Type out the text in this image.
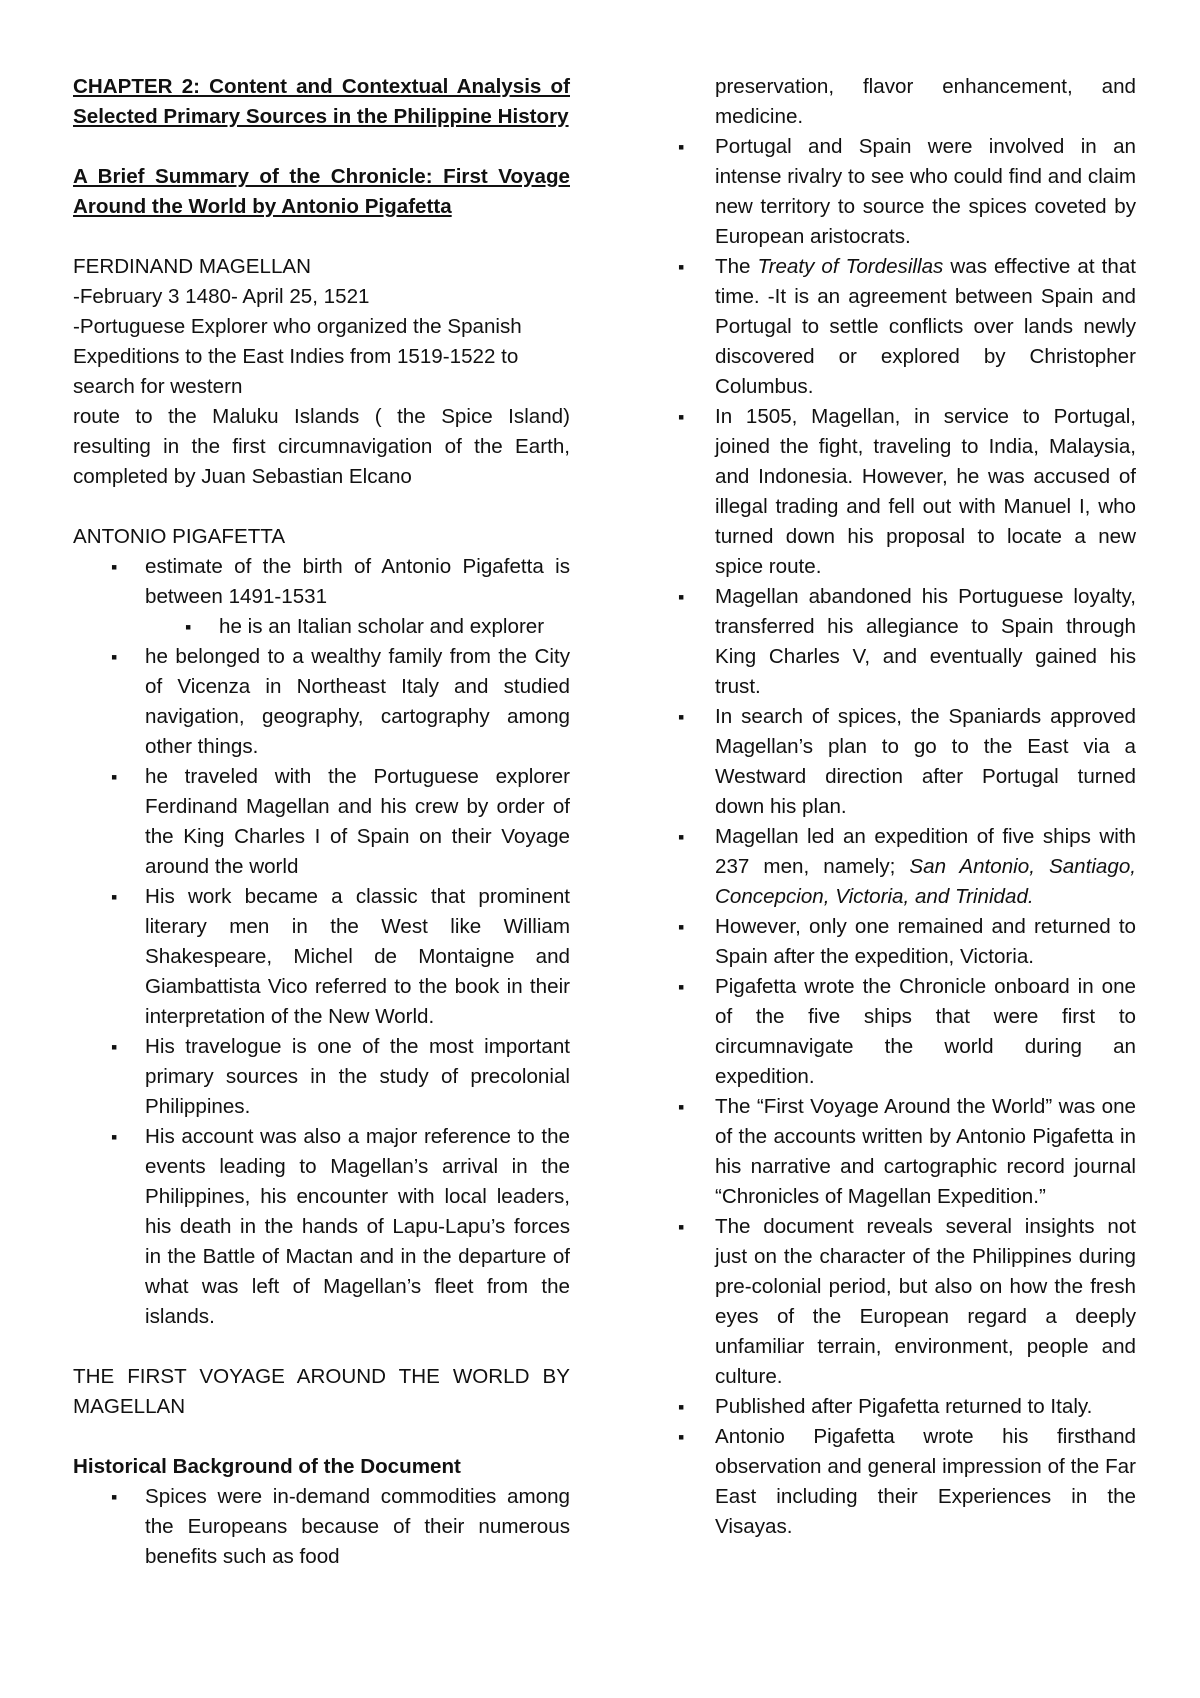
CHAPTER 2: Content and Contextual Analysis of Selected Primary Sources in the Philippine History

A Brief Summary of the Chronicle: First Voyage Around the World by Antonio Pigafetta

FERDINAND MAGELLAN

-February 3 1480- April 25, 1521

-Portuguese Explorer who organized the Spanish Expeditions to the East Indies from 1519-1522 to search for western

route to the Maluku Islands ( the Spice Island) resulting in the first circumnavigation of the Earth, completed by Juan Sebastian Elcano

ANTONIO PIGAFETTA

▪ estimate of the birth of Antonio Pigafetta is between 1491-1531
▪ he is an Italian scholar and explorer
▪ he belonged to a wealthy family from the City of Vicenza in Northeast Italy and studied navigation, geography, cartography among other things.
▪ he traveled with the Portuguese explorer Ferdinand Magellan and his crew by order of the King Charles I of Spain on their Voyage around the world
▪ His work became a classic that prominent literary men in the West like William Shakespeare, Michel de Montaigne and Giambattista Vico referred to the book in their interpretation of the New World.
▪ His travelogue is one of the most important primary sources in the study of precolonial Philippines.
▪ His account was also a major reference to the events leading to Magellan’s arrival in the Philippines, his encounter with local leaders, his death in the hands of Lapu-Lapu’s forces in the Battle of Mactan and in the departure of what was left of Magellan’s fleet from the islands.

THE FIRST VOYAGE AROUND THE WORLD BY MAGELLAN

Historical Background of the Document

▪ Spices were in-demand commodities among the Europeans because of their numerous benefits such as food

preservation, flavor enhancement, and medicine.

▪ Portugal and Spain were involved in an intense rivalry to see who could find and claim new territory to source the spices coveted by European aristocrats.
▪ The Treaty of Tordesillas was effective at that time. -It is an agreement between Spain and Portugal to settle conflicts over lands newly discovered or explored by Christopher Columbus.
▪ In 1505, Magellan, in service to Portugal, joined the fight, traveling to India, Malaysia, and Indonesia. However, he was accused of illegal trading and fell out with Manuel I, who turned down his proposal to locate a new spice route.
▪ Magellan abandoned his Portuguese loyalty, transferred his allegiance to Spain through King Charles V, and eventually gained his trust.
▪ In search of spices, the Spaniards approved Magellan’s plan to go to the East via a Westward direction after Portugal turned down his plan.
▪ Magellan led an expedition of five ships with 237 men, namely; San Antonio, Santiago, Concepcion, Victoria, and Trinidad.
▪ However, only one remained and returned to Spain after the expedition, Victoria.
▪ Pigafetta wrote the Chronicle onboard in one of the five ships that were first to circumnavigate the world during an expedition.
▪ The “First Voyage Around the World” was one of the accounts written by Antonio Pigafetta in his narrative and cartographic record journal “Chronicles of Magellan Expedition.”
▪ The document reveals several insights not just on the character of the Philippines during pre-colonial period, but also on how the fresh eyes of the European regard a deeply unfamiliar terrain, environment, people and culture.
▪ Published after Pigafetta returned to Italy.
▪ Antonio Pigafetta wrote his firsthand observation and general impression of the Far East including their Experiences in the Visayas.
